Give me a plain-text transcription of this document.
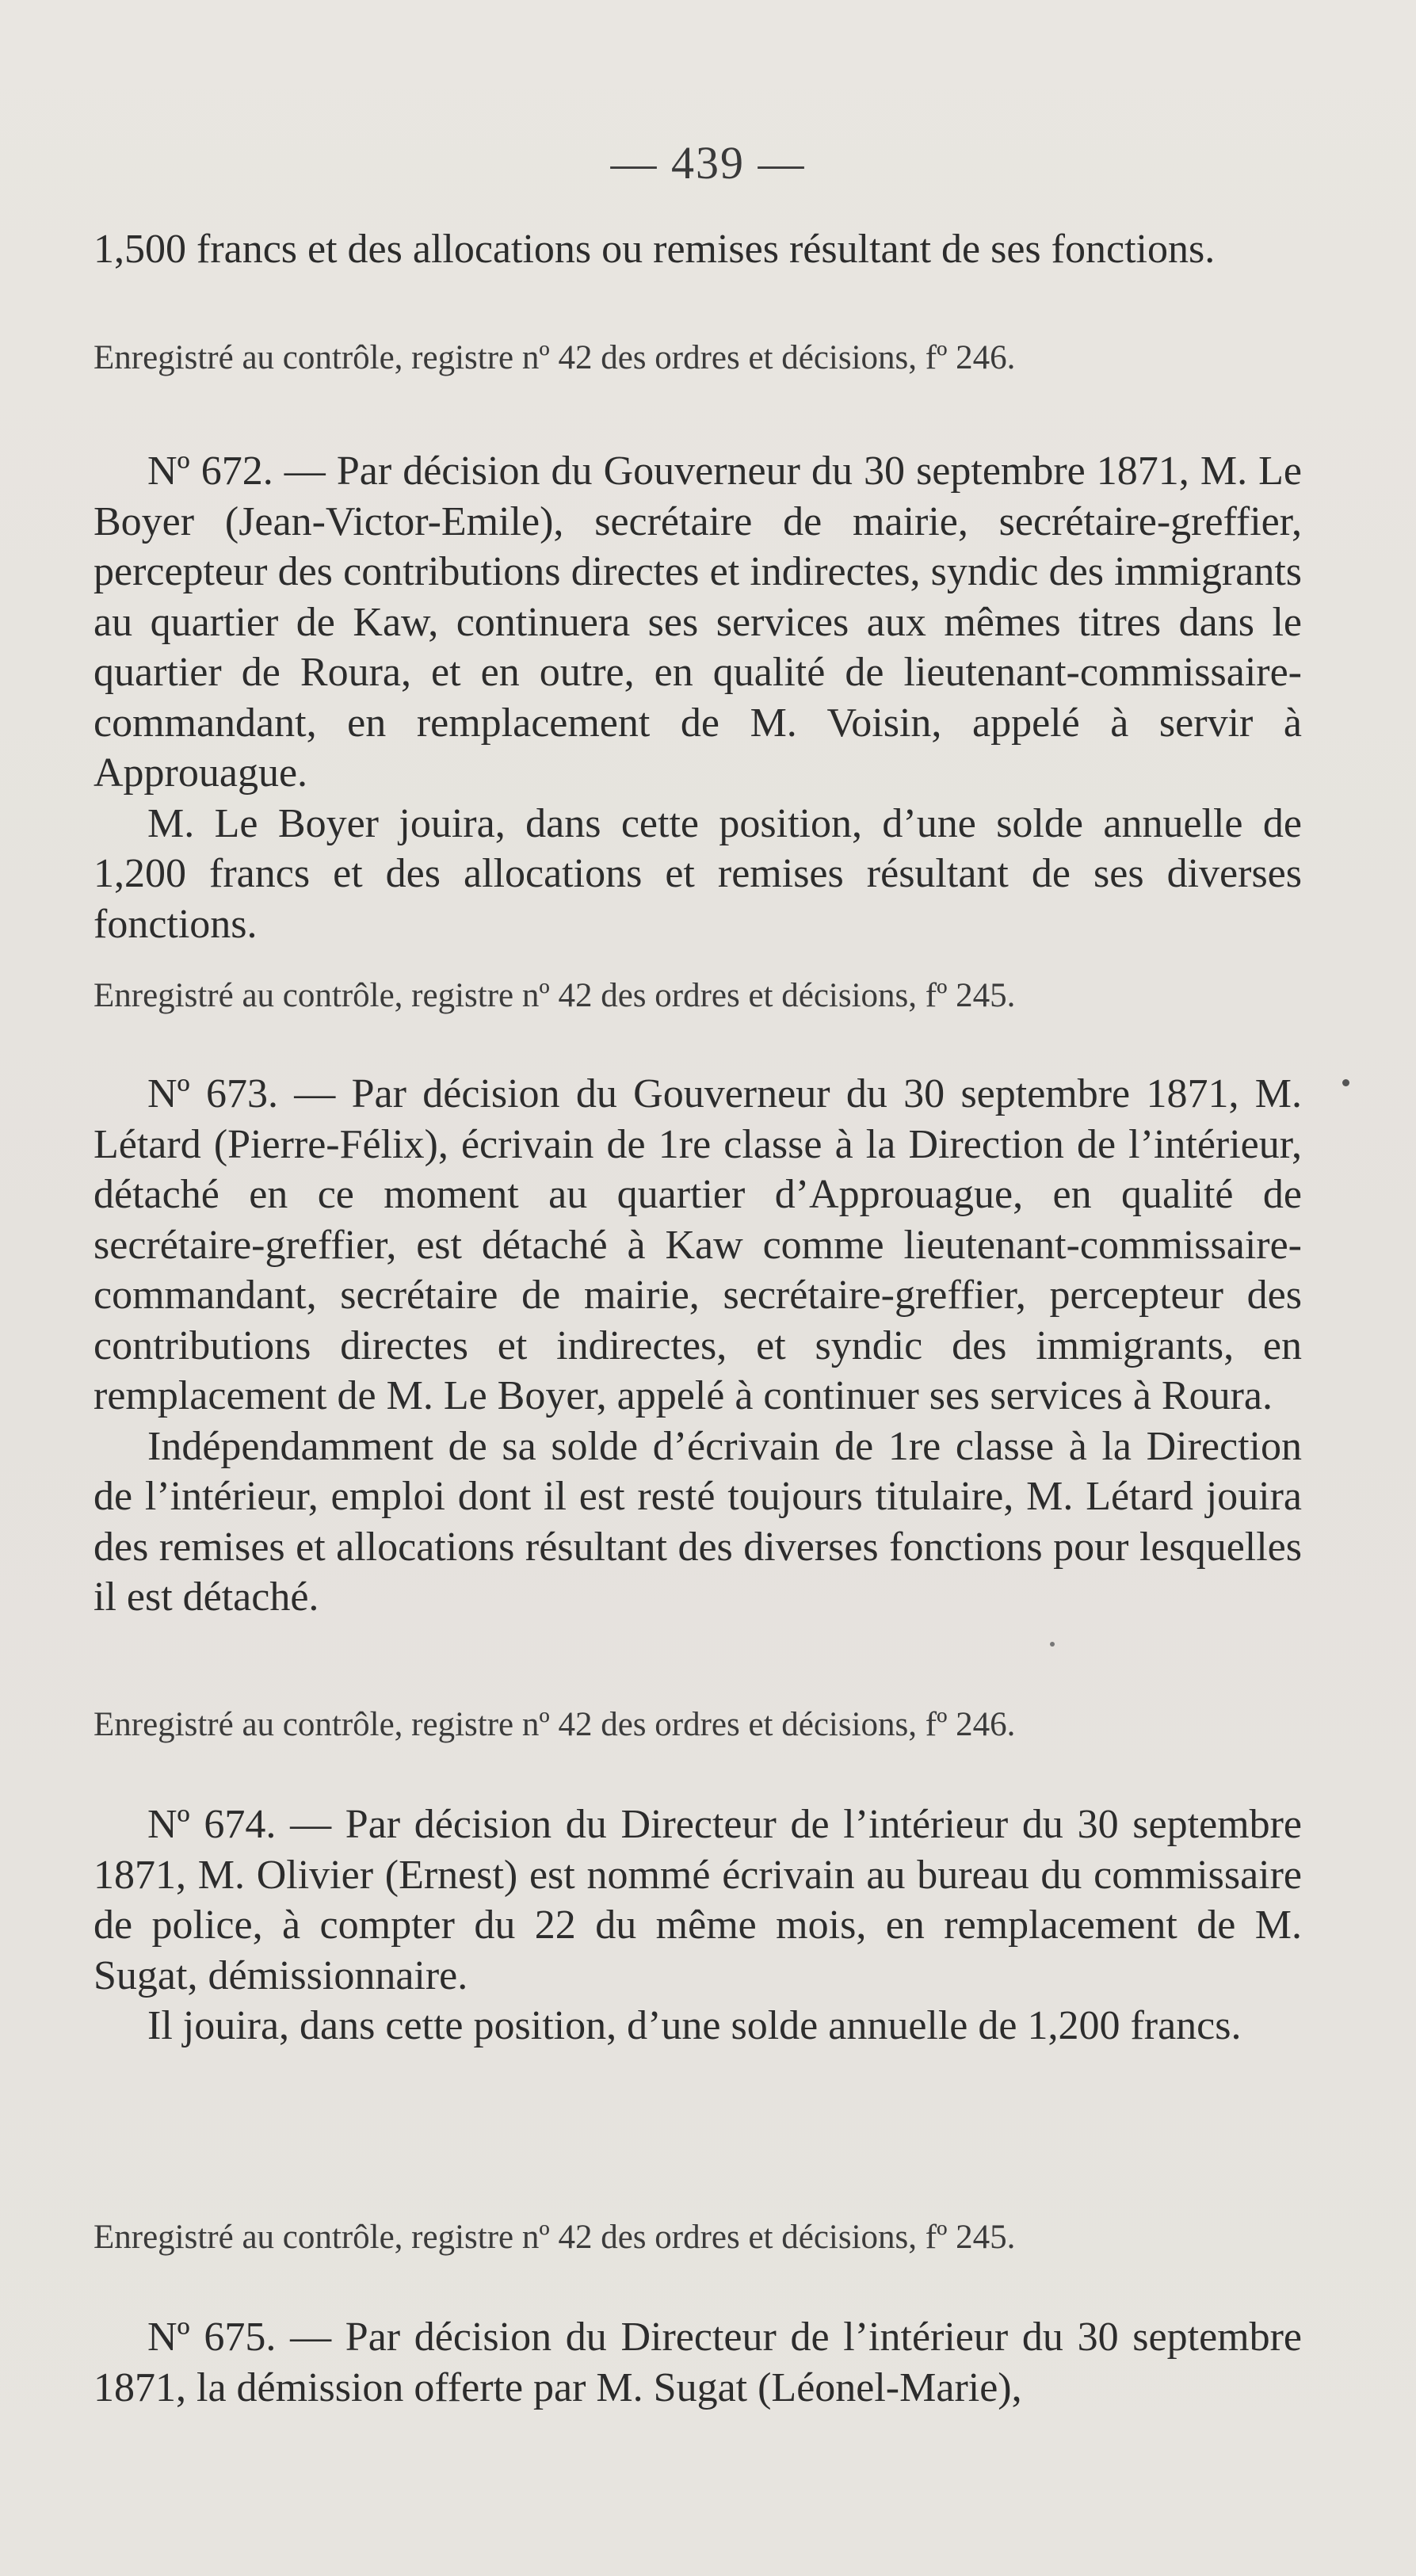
— 439 —

1,500 francs et des allocations ou remises résultant de ses fonctions.

Enregistré au contrôle, registre nº 42 des ordres et décisions, fº 246.

Nº 672. — Par décision du Gouverneur du 30 septembre 1871, M. Le Boyer (Jean-Victor-Emile), secrétaire de mairie, secrétaire-greffier, percepteur des contributions directes et indirectes, syndic des immigrants au quartier de Kaw, continuera ses services aux mêmes titres dans le quartier de Roura, et en outre, en qualité de lieutenant-commissaire-commandant, en remplacement de M. Voisin, appelé à servir à Approuague.

M. Le Boyer jouira, dans cette position, d’une solde annuelle de 1,200 francs et des allocations et remises résultant de ses diverses fonctions.

Enregistré au contrôle, registre nº 42 des ordres et décisions, fº 245.

Nº 673. — Par décision du Gouverneur du 30 septembre 1871, M. Létard (Pierre-Félix), écrivain de 1re classe à la Direction de l’intérieur, détaché en ce moment au quartier d’Approuague, en qualité de secrétaire-greffier, est détaché à Kaw comme lieutenant-commissaire-commandant, secrétaire de mairie, secrétaire-greffier, percepteur des contributions directes et indirectes, et syndic des immigrants, en remplacement de M. Le Boyer, appelé à continuer ses services à Roura.

Indépendamment de sa solde d’écrivain de 1re classe à la Direction de l’intérieur, emploi dont il est resté toujours titulaire, M. Létard jouira des remises et allocations résultant des diverses fonctions pour lesquelles il est détaché.

Enregistré au contrôle, registre nº 42 des ordres et décisions, fº 246.

Nº 674. — Par décision du Directeur de l’intérieur du 30 septembre 1871, M. Olivier (Ernest) est nommé écrivain au bureau du commissaire de police, à compter du 22 du même mois, en remplacement de M. Sugat, démissionnaire.

Il jouira, dans cette position, d’une solde annuelle de 1,200 francs.

Enregistré au contrôle, registre nº 42 des ordres et décisions, fº 245.

Nº 675. — Par décision du Directeur de l’intérieur du 30 septembre 1871, la démission offerte par M. Sugat (Léonel-Marie),
